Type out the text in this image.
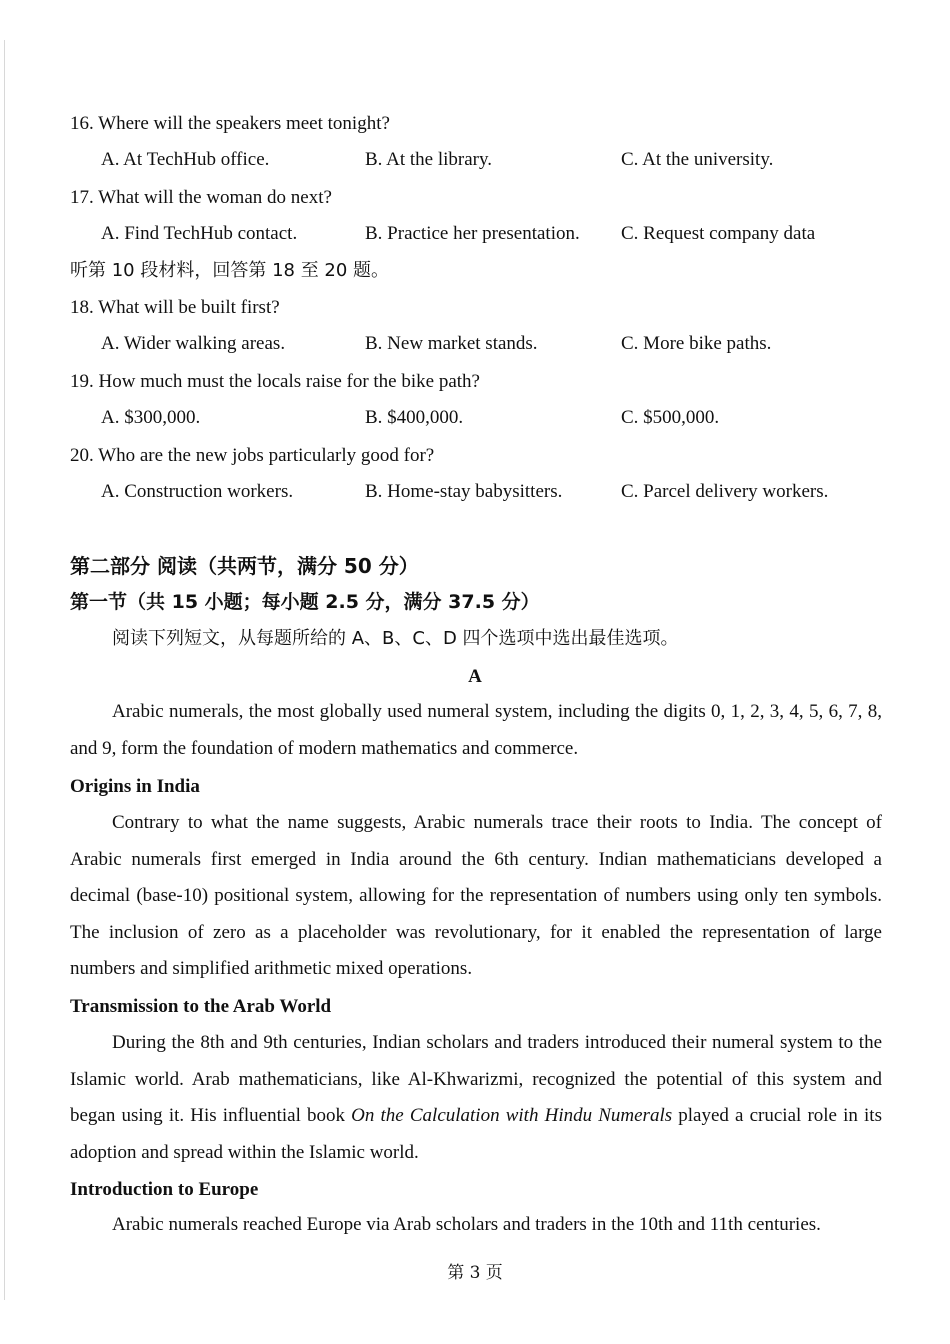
16. Where will the speakers meet tonight?
A. At TechHub office.	B. At the library.	C. At the university.
17. What will the woman do next?
A. Find TechHub contact.	B. Practice her presentation. C. Request company data
听第 10 段材料，回答第 18 至 20 题。
18. What will be built first?
A. Wider walking areas.	B. New market stands.	C. More bike paths.
19. How much must the locals raise for the bike path?
A. $300,000.	B. $400,000.	C. $500,000.
20. Who are the new jobs particularly good for?
A. Construction workers.	B. Home-stay babysitters.	C. Parcel delivery workers.
第二部分 阅读（共两节，满分 50 分）
第一节（共 15 小题；每小题 2.5 分，满分 37.5 分）
阅读下列短文，从每题所给的 A、B、C、D 四个选项中选出最佳选项。
A
Arabic numerals, the most globally used numeral system, including the digits 0, 1, 2, 3, 4, 5, 6, 7, 8, and 9, form the foundation of modern mathematics and commerce.
Origins in India
Contrary to what the name suggests, Arabic numerals trace their roots to India. The concept of Arabic numerals first emerged in India around the 6th century. Indian mathematicians developed a decimal (base-10) positional system, allowing for the representation of numbers using only ten symbols. The inclusion of zero as a placeholder was revolutionary, for it enabled the representation of large numbers and simplified arithmetic mixed operations.
Transmission to the Arab World
During the 8th and 9th centuries, Indian scholars and traders introduced their numeral system to the Islamic world. Arab mathematicians, like Al-Khwarizmi, recognized the potential of this system and began using it. His influential book On the Calculation with Hindu Numerals played a crucial role in its adoption and spread within the Islamic world.
Introduction to Europe
Arabic numerals reached Europe via Arab scholars and traders in the 10th and 11th centuries.
第 3 页
